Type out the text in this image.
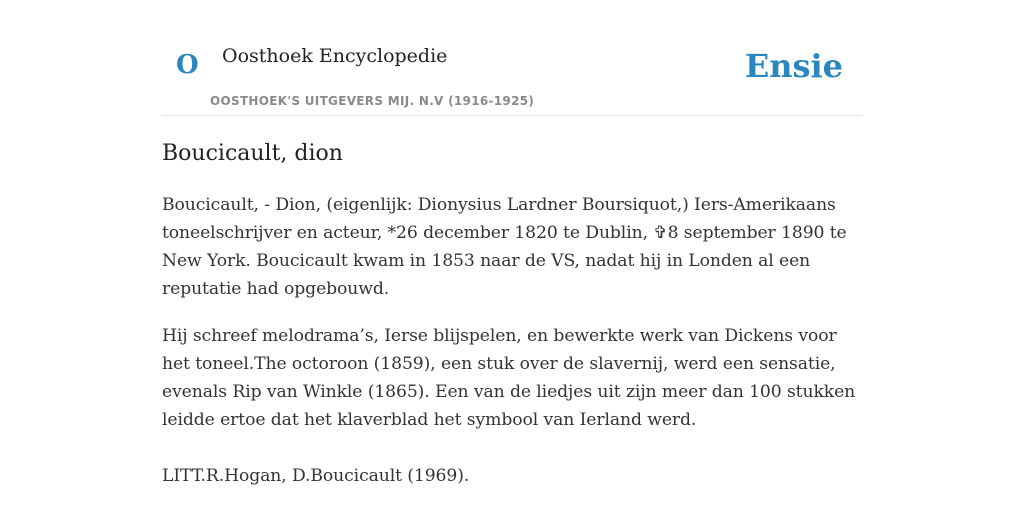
O Oosthoek Encyclopedie
OOSTHOEK'S UITGEVERS MIJ. N.V (1916-1925)
Ensie
Boucicault, dion

Boucicault, - Dion, (eigenlijk: Dionysius Lardner Boursiquot,) Iers-Amerikaans toneelschrijver en acteur, *26 december 1820 te Dublin, ✞8 september 1890 te New York. Boucicault kwam in 1853 naar de VS, nadat hij in Londen al een reputatie had opgebouwd.

Hij schreef melodrama’s, Ierse blijspelen, en bewerkte werk van Dickens voor het toneel.The octoroon (1859), een stuk over de slavernij, werd een sensatie, evenals Rip van Winkle (1865). Een van de liedjes uit zijn meer dan 100 stukken leidde ertoe dat het klaverblad het symbool van Ierland werd.

LITT.R.Hogan, D.Boucicault (1969).
